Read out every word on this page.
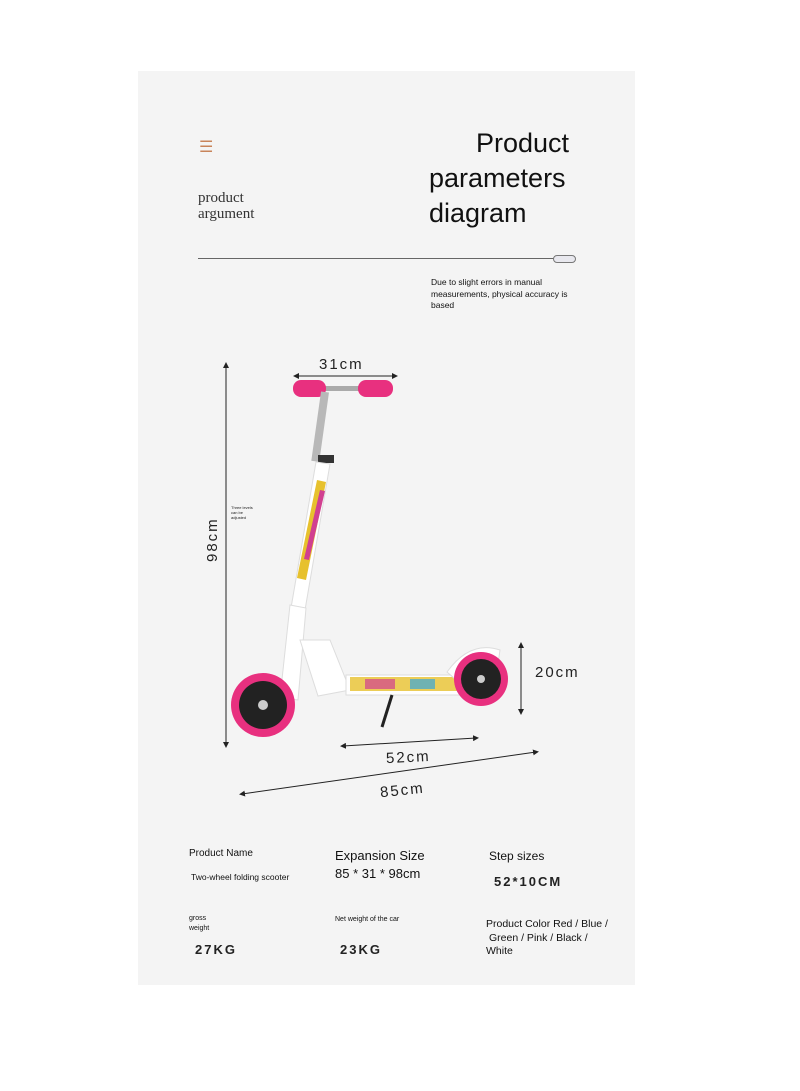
☰
product
argument
Product
parameters
diagram
Due to slight errors in manual measurements, physical accuracy is based
31cm
98cm
Three levels can be adjusted
20cm
52cm
85cm
Product Name
Two-wheel folding scooter
Expansion Size
85 * 31 * 98cm
Step sizes
52*10CM
gross
weight
27KG
Net weight of the car
23KG
Product Color Red / Blue /
Green / Pink / Black /
White
